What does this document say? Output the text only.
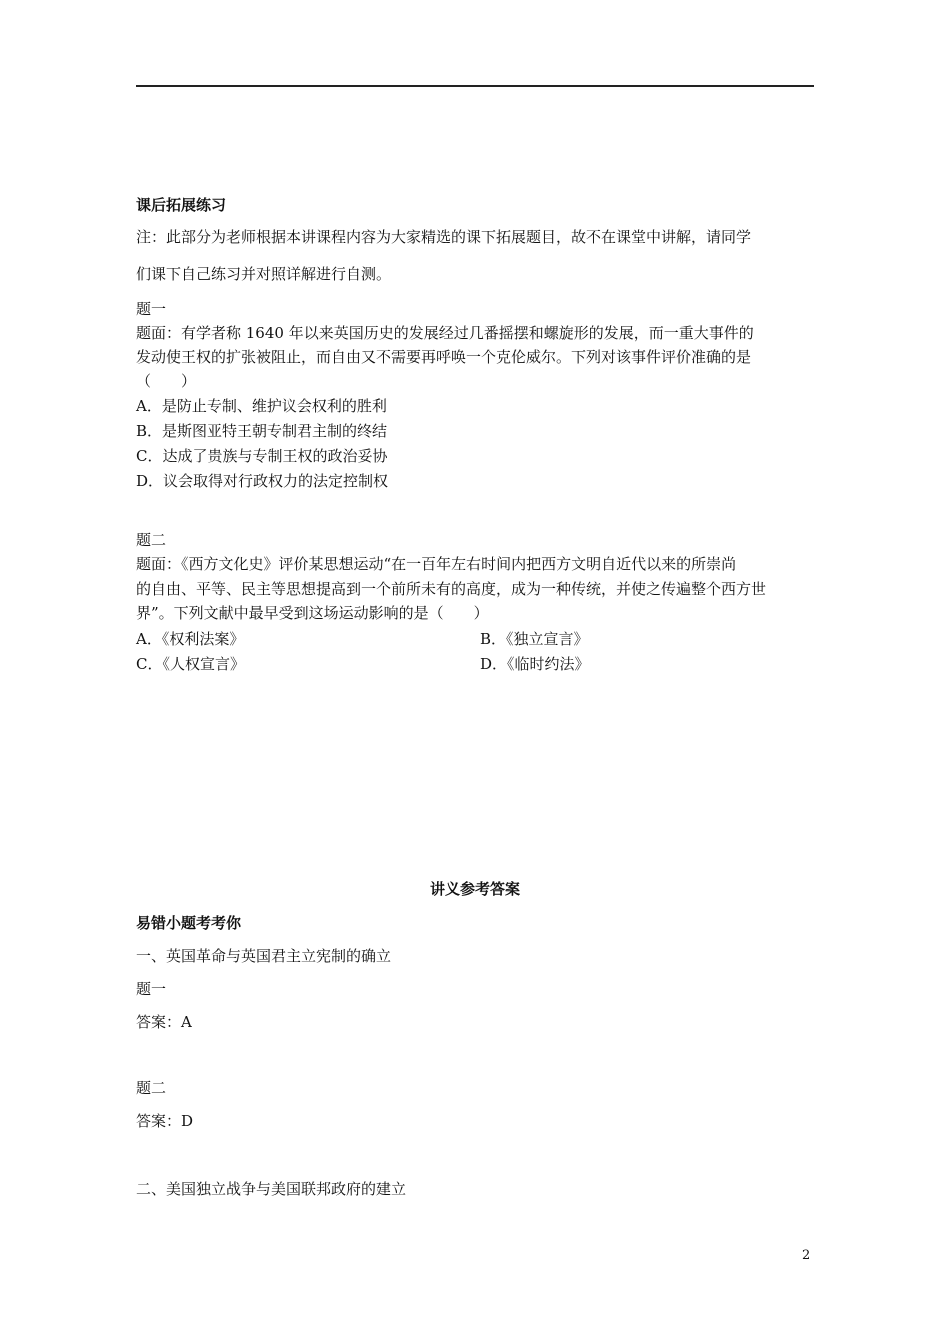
课后拓展练习
注：此部分为老师根据本讲课程内容为大家精选的课下拓展题目，故不在课堂中讲解，请同学
们课下自己练习并对照详解进行自测。
题一
题面：有学者称 1640 年以来英国历史的发展经过几番摇摆和螺旋形的发展，而一重大事件的
发动使王权的扩张被阻止，而自由又不需要再呼唤一个克伦威尔。下列对该事件评价准确的是
（　　）
A．是防止专制、维护议会权利的胜利
B．是斯图亚特王朝专制君主制的终结
C．达成了贵族与专制王权的政治妥协
D．议会取得对行政权力的法定控制权
题二
题面：《西方文化史》评价某思想运动“在一百年左右时间内把西方文明自近代以来的所崇尚
的自由、平等、民主等思想提高到一个前所未有的高度，成为一种传统，并使之传遍整个西方世
界”。下列文献中最早受到这场运动影响的是（　　）
A．《权利法案》	B．《独立宣言》
C．《人权宣言》	D．《临时约法》
讲义参考答案
易错小题考考你
一、英国革命与英国君主立宪制的确立
题一
答案：A
题二
答案：D
二、美国独立战争与美国联邦政府的建立
2
